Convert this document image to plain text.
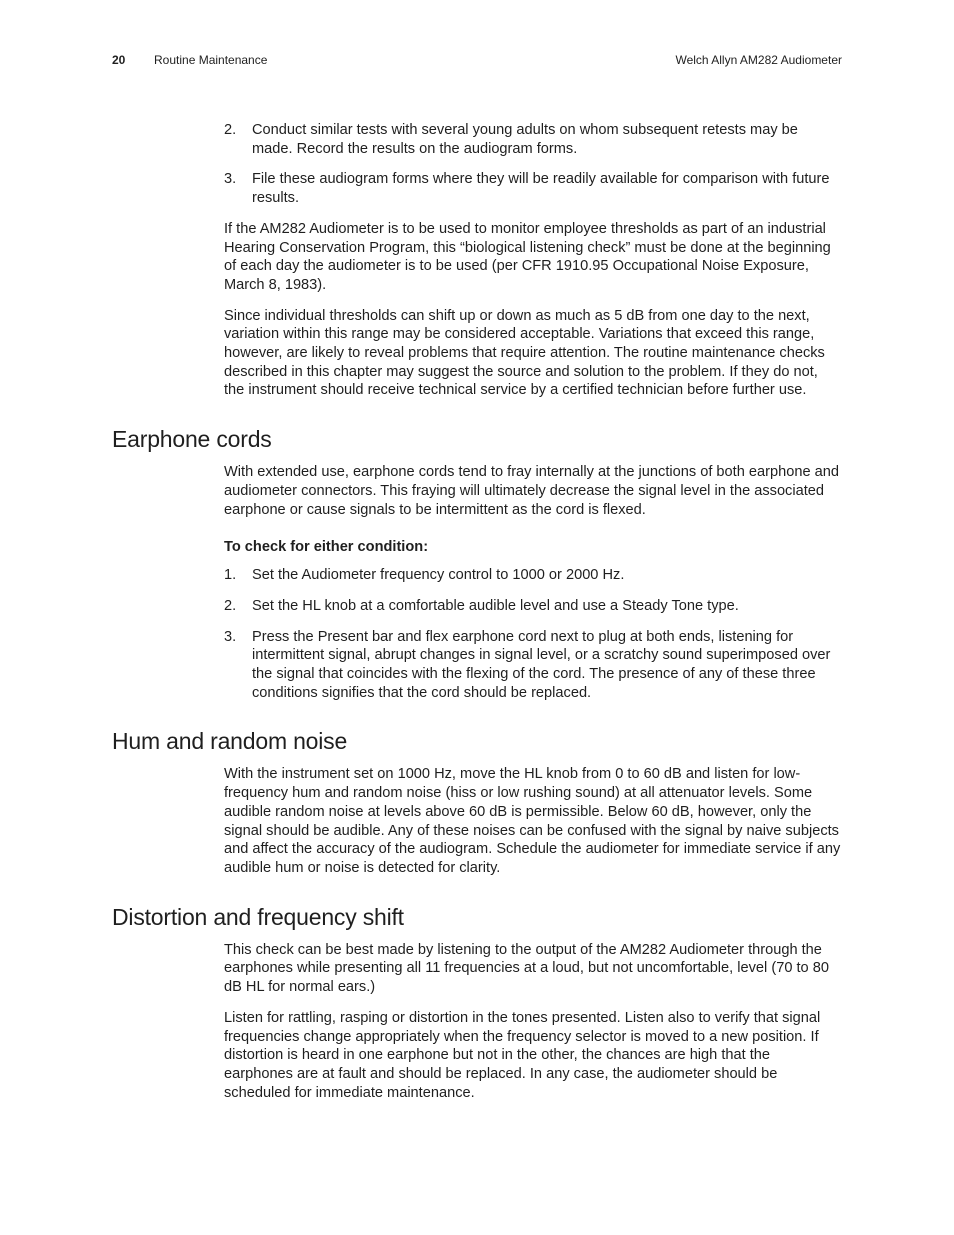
20 Routine Maintenance	Welch Allyn AM282 Audiometer
2.	Conduct similar tests with several young adults on whom subsequent retests may be made. Record the results on the audiogram forms.
3.	File these audiogram forms where they will be readily available for comparison with future results.

If the AM282 Audiometer is to be used to monitor employee thresholds as part of an industrial Hearing Conservation Program, this “biological listening check” must be done at the beginning of each day the audiometer is to be used (per CFR 1910.95 Occupational Noise Exposure, March 8, 1983).

Since individual thresholds can shift up or down as much as 5 dB from one day to the next, variation within this range may be considered acceptable. Variations that exceed this range, however, are likely to reveal problems that require attention. The routine maintenance checks described in this chapter may suggest the source and solution to the problem. If they do not, the instrument should receive technical service by a certified technician before further use.

Earphone cords

With extended use, earphone cords tend to fray internally at the junctions of both earphone and audiometer connectors. This fraying will ultimately decrease the signal level in the associated earphone or cause signals to be intermittent as the cord is flexed.

To check for either condition:
1.	Set the Audiometer frequency control to 1000 or 2000 Hz.
2.	Set the HL knob at a comfortable audible level and use a Steady Tone type.
3.	Press the Present bar and flex earphone cord next to plug at both ends, listening for intermittent signal, abrupt changes in signal level, or a scratchy sound superimposed over the signal that coincides with the flexing of the cord. The presence of any of these three conditions signifies that the cord should be replaced.
Hum and random noise

With the instrument set on 1000 Hz, move the HL knob from 0 to 60 dB and listen for low-frequency hum and random noise (hiss or low rushing sound) at all attenuator levels. Some audible random noise at levels above 60 dB is permissible. Below 60 dB, however, only the signal should be audible. Any of these noises can be confused with the signal by naive subjects and affect the accuracy of the audiogram. Schedule the audiometer for immediate service if any audible hum or noise is detected for clarity.

Distortion and frequency shift

This check can be best made by listening to the output of the AM282 Audiometer through the earphones while presenting all 11 frequencies at a loud, but not uncomfortable, level (70 to 80 dB HL for normal ears.)

Listen for rattling, rasping or distortion in the tones presented. Listen also to verify that signal frequencies change appropriately when the frequency selector is moved to a new position. If distortion is heard in one earphone but not in the other, the chances are high that the earphones are at fault and should be replaced. In any case, the audiometer should be scheduled for immediate maintenance.
